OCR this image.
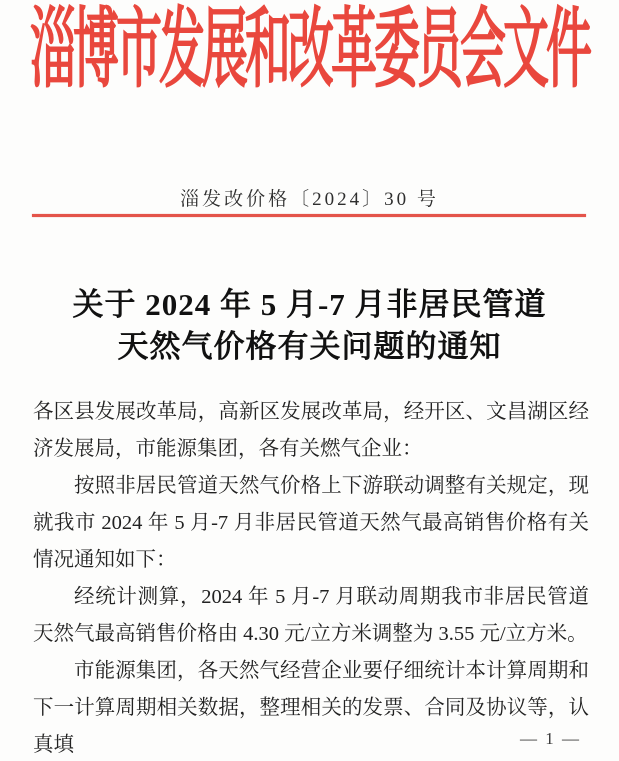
淄博市发展和改革委员会文件
淄发改价格〔2024〕30 号
关于 2024 年 5 月-7 月非居民管道
天然气价格有关问题的通知

各区县发展改革局，高新区发展改革局，经开区、文昌湖区经济发展局，市能源集团，各有关燃气企业：

按照非居民管道天然气价格上下游联动调整有关规定，现就我市 2024 年 5 月-7 月非居民管道天然气最高销售价格有关情况通知如下：

经统计测算，2024 年 5 月-7 月联动周期我市非居民管道天然气最高销售价格由 4.30 元/立方米调整为 3.55 元/立方米。

市能源集团，各天然气经营企业要仔细统计本计算周期和下一计算周期相关数据，整理相关的发票、合同及协议等，认真填	— 1 —
